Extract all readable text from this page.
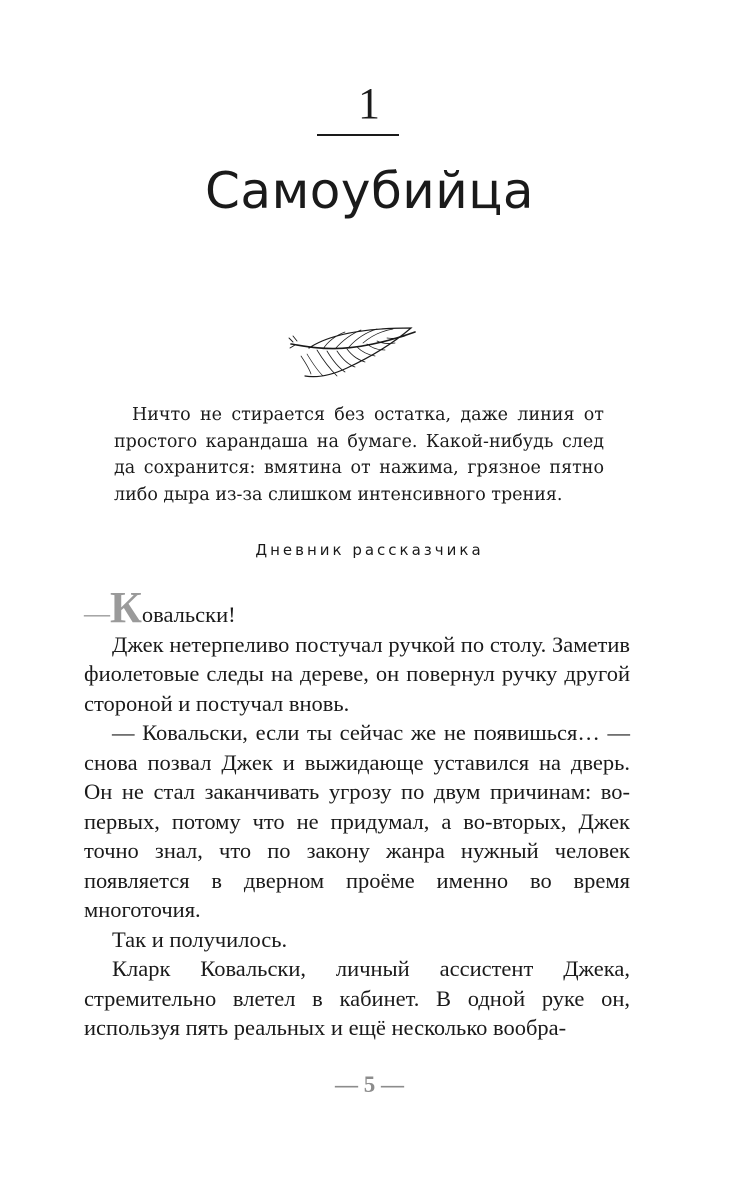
1
Самоубийца
Ничто не стирается без остатка, даже линия от простого карандаша на бумаге. Какой-нибудь след да сохранится: вмятина от нажима, грязное пятно либо дыра из-за слишком интенсивного трения.
Дневник рассказчика

—Ковальски!

Джек нетерпеливо постучал ручкой по столу. Заметив фиолетовые следы на дереве, он повернул ручку другой стороной и постучал вновь.

— Ковальски, если ты сейчас же не появишься… — снова позвал Джек и выжидающе уставился на дверь. Он не стал заканчивать угрозу по двум причинам: во-первых, потому что не придумал, а во-вторых, Джек точно знал, что по закону жанра нужный человек появляется в дверном проёме именно во время многоточия.

Так и получилось.

Кларк Ковальски, личный ассистент Джека, стремительно влетел в кабинет. В одной руке он, используя пять реальных и ещё несколько вообра-

— 5 —
